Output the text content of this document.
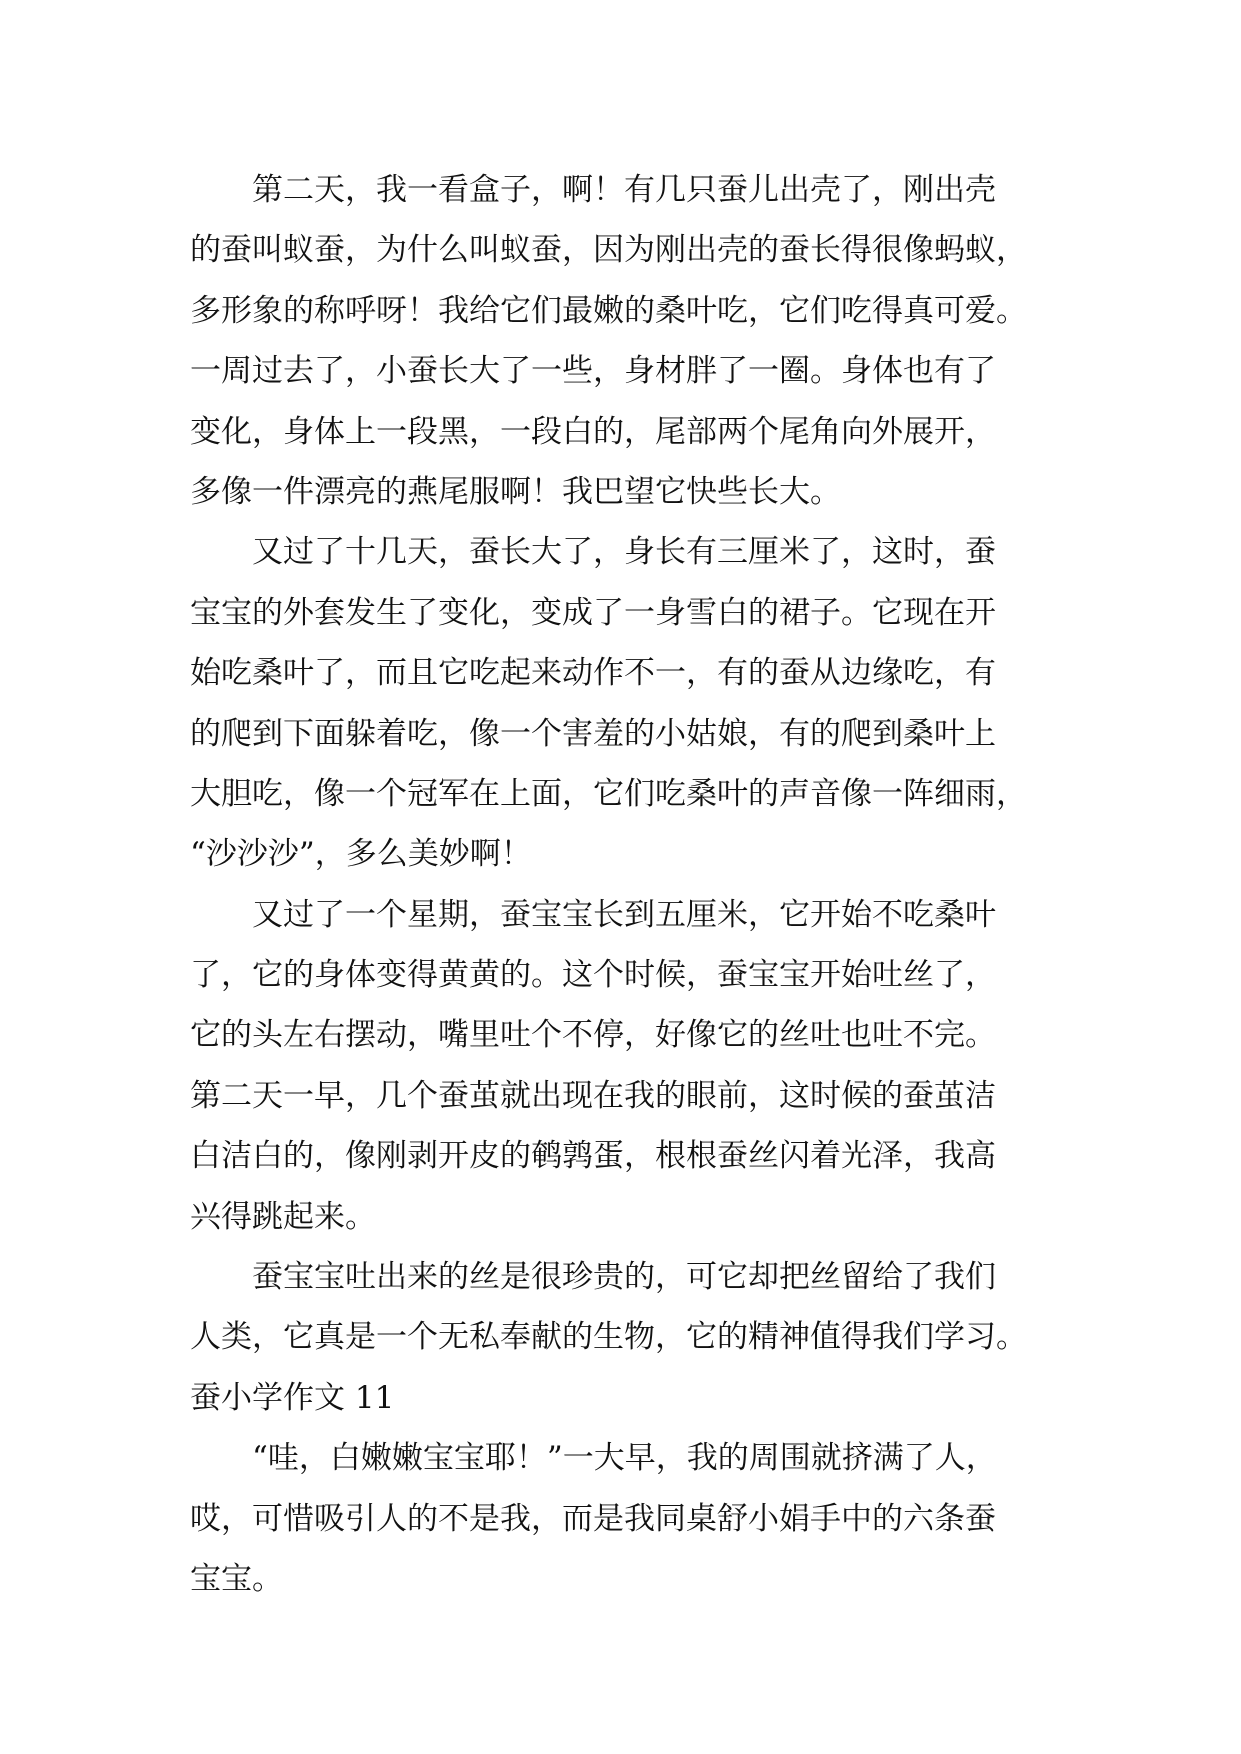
第二天，我一看盒子，啊！有几只蚕儿出壳了，刚出壳
的蚕叫蚁蚕，为什么叫蚁蚕，因为刚出壳的蚕长得很像蚂蚁，
多形象的称呼呀！我给它们最嫩的桑叶吃，它们吃得真可爱。
一周过去了，小蚕长大了一些，身材胖了一圈。身体也有了
变化，身体上一段黑，一段白的，尾部两个尾角向外展开，
多像一件漂亮的燕尾服啊！我巴望它快些长大。
又过了十几天，蚕长大了，身长有三厘米了，这时，蚕
宝宝的外套发生了变化，变成了一身雪白的裙子。它现在开
始吃桑叶了，而且它吃起来动作不一，有的蚕从边缘吃，有
的爬到下面躲着吃，像一个害羞的小姑娘，有的爬到桑叶上
大胆吃，像一个冠军在上面，它们吃桑叶的声音像一阵细雨，
“沙沙沙”，多么美妙啊！
又过了一个星期，蚕宝宝长到五厘米，它开始不吃桑叶
了，它的身体变得黄黄的。这个时候，蚕宝宝开始吐丝了，
它的头左右摆动，嘴里吐个不停，好像它的丝吐也吐不完。
第二天一早，几个蚕茧就出现在我的眼前，这时候的蚕茧洁
白洁白的，像刚剥开皮的鹌鹑蛋，根根蚕丝闪着光泽，我高
兴得跳起来。
蚕宝宝吐出来的丝是很珍贵的，可它却把丝留给了我们
人类，它真是一个无私奉献的生物，它的精神值得我们学习。
蚕小学作文 11
“哇，白嫩嫩宝宝耶！”一大早，我的周围就挤满了人，
哎，可惜吸引人的不是我，而是我同桌舒小娟手中的六条蚕
宝宝。
